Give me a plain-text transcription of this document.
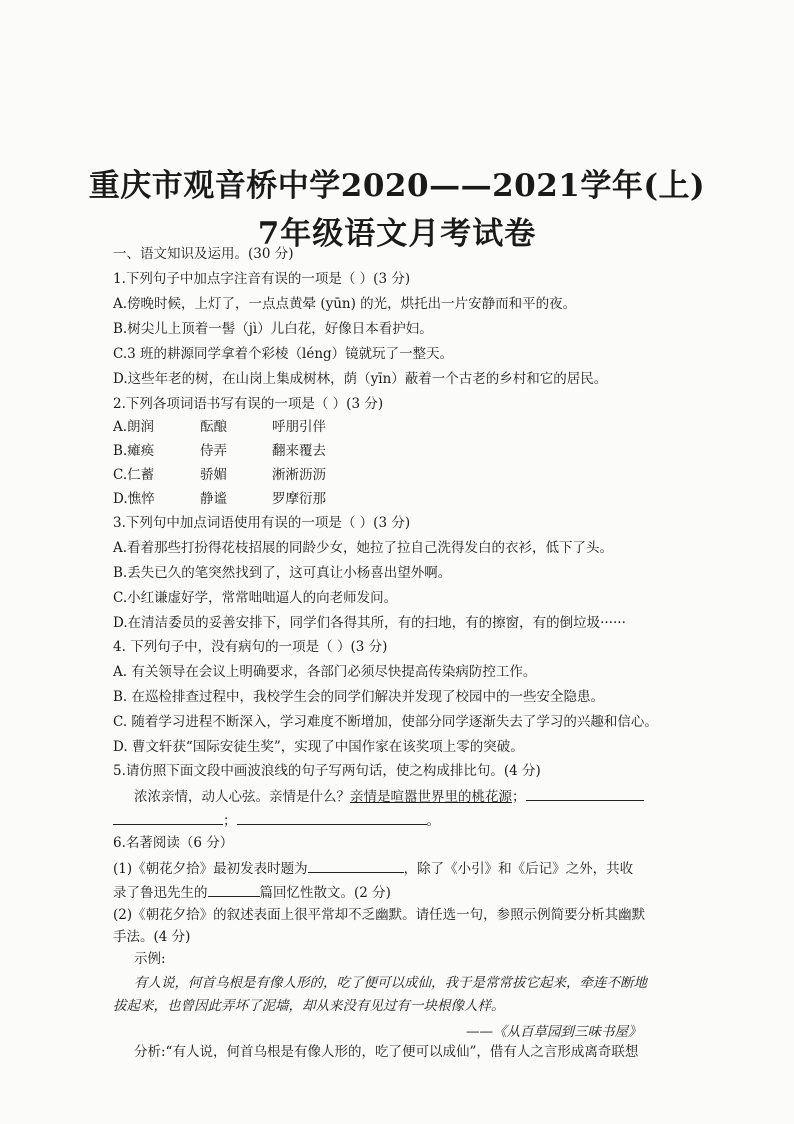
重庆市观音桥中学2020——2021学年(上)
7年级语文月考试卷
一、语文知识及运用。(30 分)
1.下列句子中加点字注音有误的一项是（ ）(3 分)
A.傍晚时候，上灯了，一点点黄晕 (yūn) 的光，烘托出一片安静而和平的夜。
B.树尖儿上顶着一髻（jì）儿白花，好像日本看护妇。
C.3 班的耕源同学拿着个彩棱（léng）镜就玩了一整天。
D.这些年老的树，在山岗上集成树林，荫（yīn）蔽着一个古老的乡村和它的居民。
2.下列各项词语书写有误的一项是（ ）(3 分)
A.朗润	酝酿	呼朋引伴
B.瘫痪	侍弄	翻来覆去
C.仁蓄	骄媚	淅淅沥沥
D.憔悴	静谧	罗摩衍那
3.下列句中加点词语使用有误的一项是（ ）(3 分)
A.看着那些打扮得花枝招展的同龄少女，她拉了拉自己洗得发白的衣衫，低下了头。
B.丢失已久的笔突然找到了，这可真让小杨喜出望外啊。
C.小红谦虚好学，常常咄咄逼人的向老师发问。
D.在清洁委员的妥善安排下，同学们各得其所，有的扫地，有的擦窗，有的倒垃圾······
4. 下列句子中，没有病句的一项是（ ）(3 分)
A. 有关领导在会议上明确要求，各部门必须尽快提高传染病防控工作。
B. 在巡检排查过程中，我校学生会的同学们解决并发现了校园中的一些安全隐患。
C. 随着学习进程不断深入，学习难度不断增加，使部分同学逐渐失去了学习的兴趣和信心。
D. 曹文轩获“国际安徒生奖”，实现了中国作家在该奖项上零的突破。
5.请仿照下面文段中画波浪线的句子写两句话，使之构成排比句。(4 分)
浓浓亲情，动人心弦。亲情是什么？亲情是喧嚣世界里的桃花源；
；	。
6.名著阅读（6 分）
(1)《朝花夕拾》最初发表时题为	，除了《小引》和《后记》之外，共收
录了鲁迅先生的	篇回忆性散文。(2 分)
(2)《朝花夕拾》的叙述表面上很平常却不乏幽默。请任选一句，参照示例简要分析其幽默
手法。(4 分)
示例:
有人说，何首乌根是有像人形的，吃了便可以成仙，我于是常常拔它起来，牵连不断地
拔起来，也曾因此弄坏了泥墙，却从来没有见过有一块根像人样。
——《从百草园到三味书屋》
分析:“有人说，何首乌根是有像人形的，吃了便可以成仙”，借有人之言形成离奇联想
